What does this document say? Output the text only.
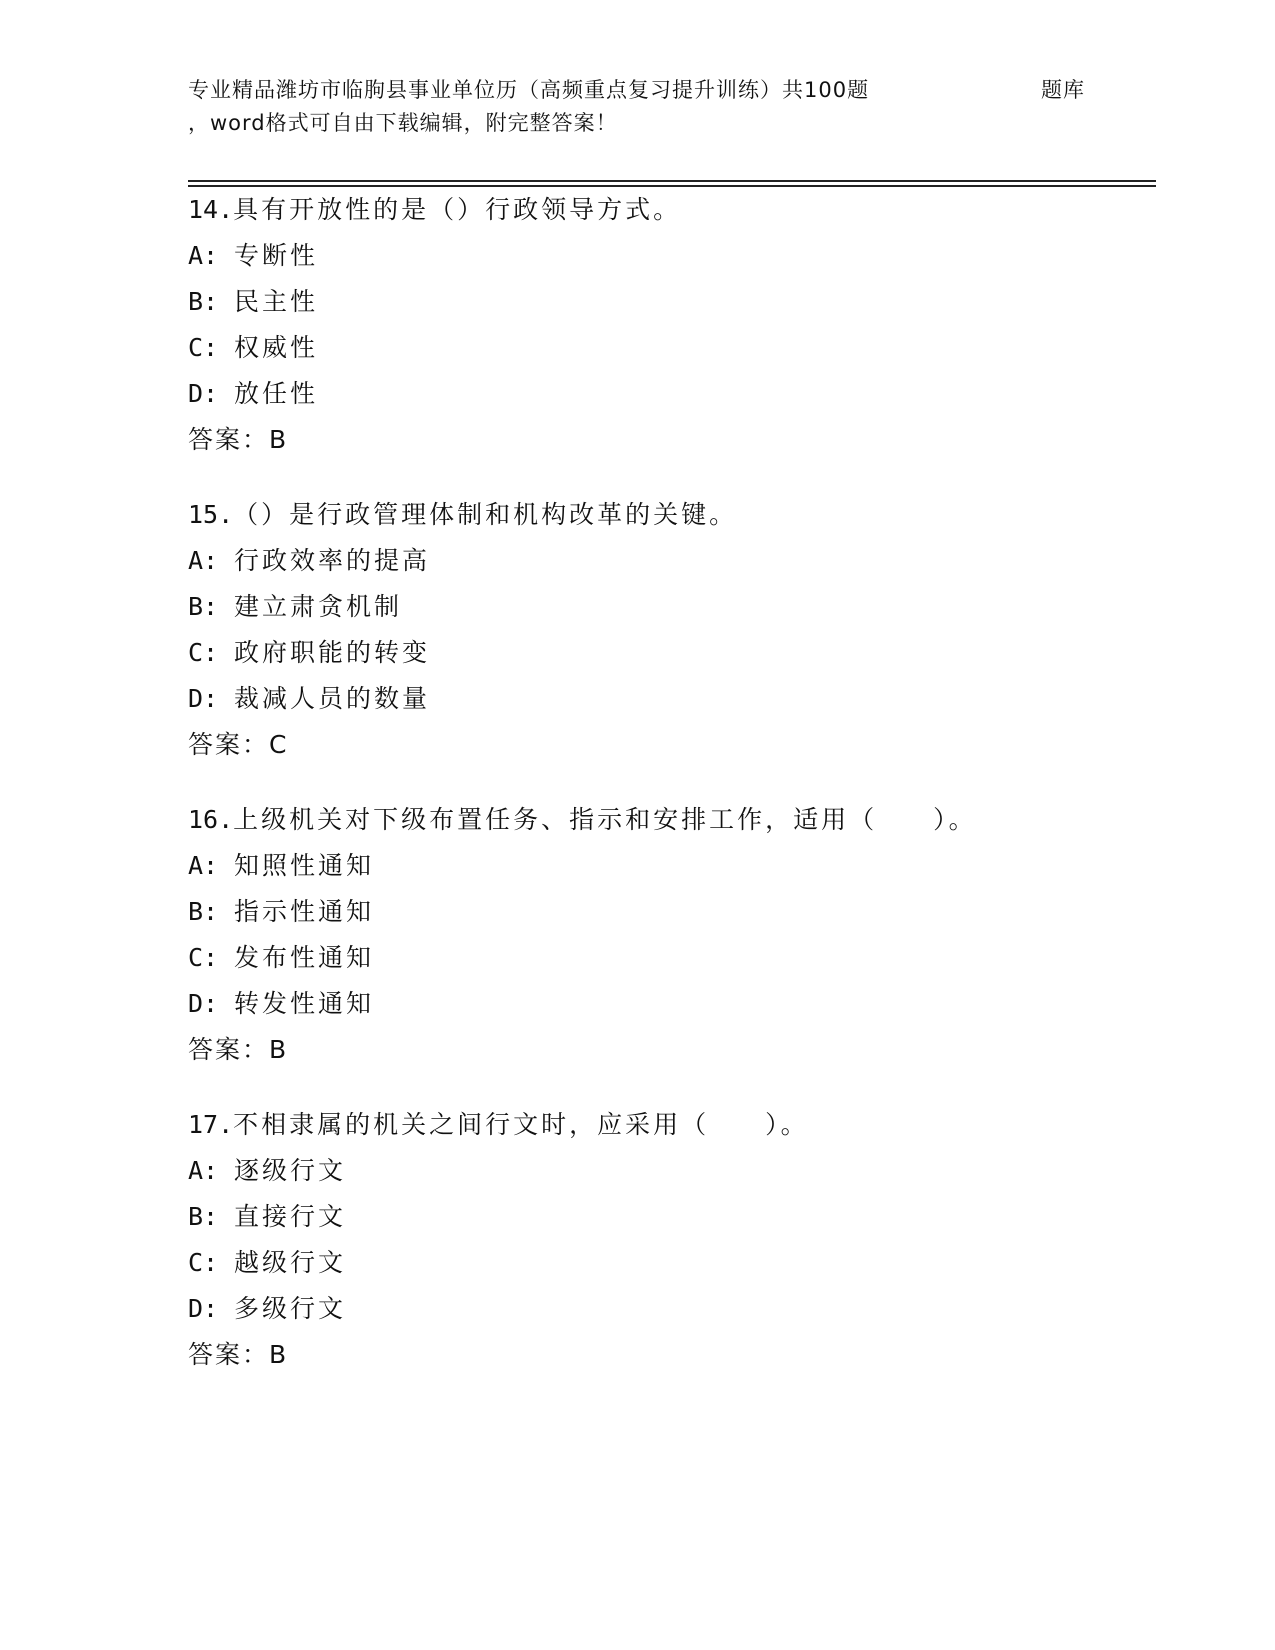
专业精品潍坊市临朐县事业单位历（高频重点复习提升训练）共100题	题库
，word格式可自由下载编辑，附完整答案！
14.具有开放性的是（）行政领导方式。
A: 专断性
B: 民主性
C: 权威性
D: 放任性
答案：B
15.（）是行政管理体制和机构改革的关键。
A: 行政效率的提高
B: 建立肃贪机制
C: 政府职能的转变
D: 裁减人员的数量
答案：C
16.上级机关对下级布置任务、指示和安排工作，适用（　　）。
A: 知照性通知
B: 指示性通知
C: 发布性通知
D: 转发性通知
答案：B
17.不相隶属的机关之间行文时，应采用（　　）。
A: 逐级行文
B: 直接行文
C: 越级行文
D: 多级行文
答案：B
